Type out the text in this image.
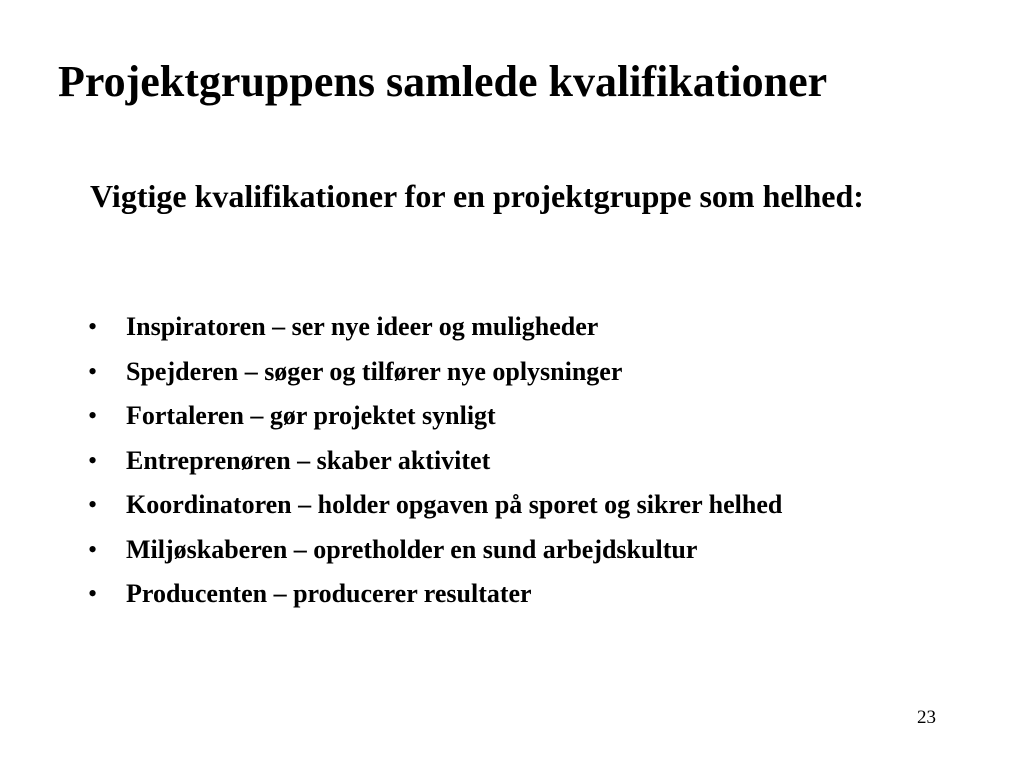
Projektgruppens samlede kvalifikationer

Vigtige kvalifikationer for en projektgruppe som helhed:

• Inspiratoren – ser nye ideer og muligheder
• Spejderen – søger og tilfører nye oplysninger
• Fortaleren – gør projektet synligt
• Entreprenøren – skaber aktivitet
• Koordinatoren – holder opgaven på sporet og sikrer helhed
• Miljøskaberen – opretholder en sund arbejdskultur
• Producenten – producerer resultater
23
